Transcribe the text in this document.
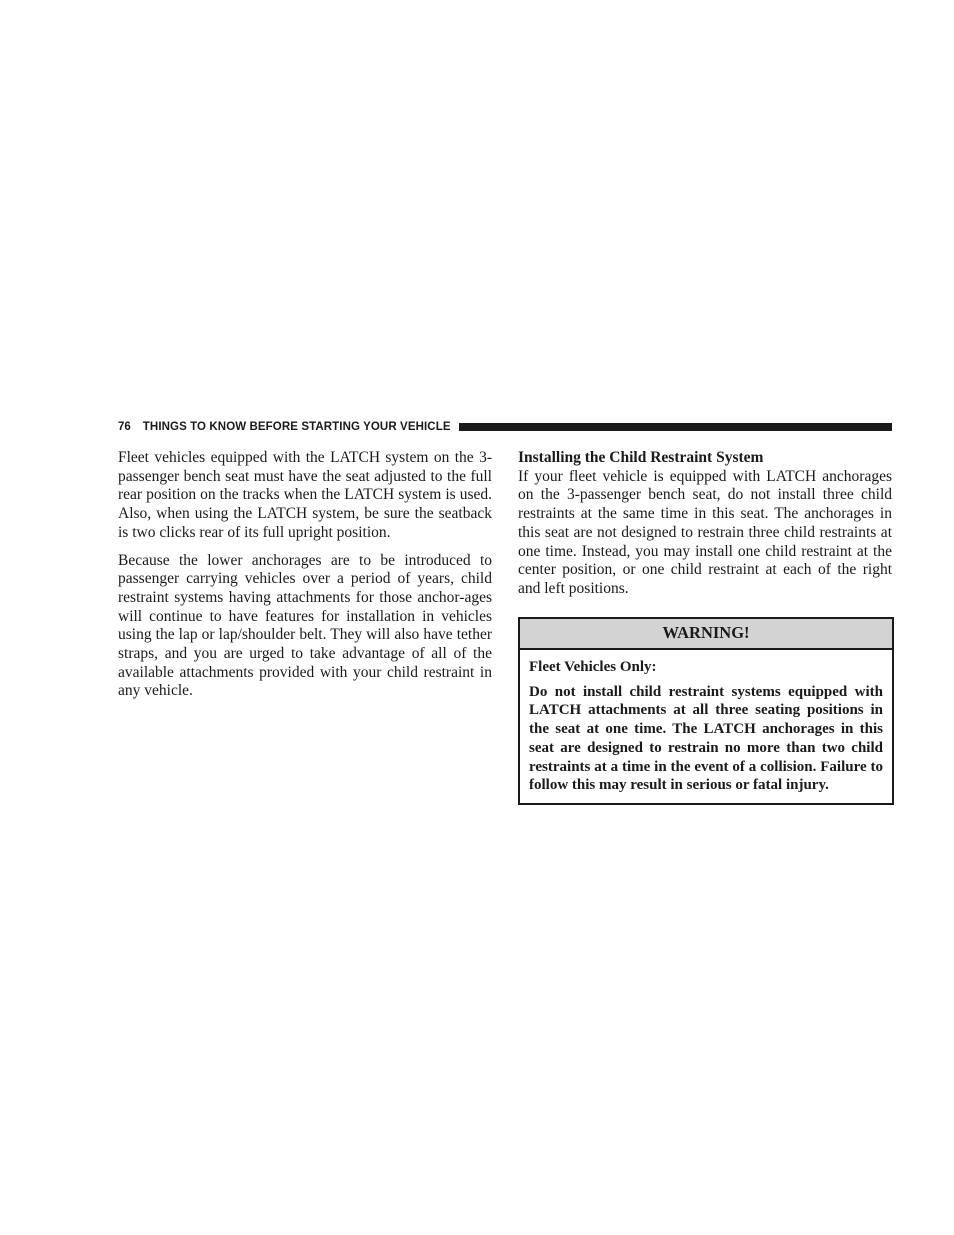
76 THINGS TO KNOW BEFORE STARTING YOUR VEHICLE

Fleet vehicles equipped with the LATCH system on the 3-passenger bench seat must have the seat adjusted to the full rear position on the tracks when the LATCH system is used. Also, when using the LATCH system, be sure the seatback is two clicks rear of its full upright position.

Because the lower anchorages are to be introduced to passenger carrying vehicles over a period of years, child restraint systems having attachments for those anchor-ages will continue to have features for installation in vehicles using the lap or lap/shoulder belt. They will also have tether straps, and you are urged to take advantage of all of the available attachments provided with your child restraint in any vehicle.

Installing the Child Restraint System

If your fleet vehicle is equipped with LATCH anchorages on the 3-passenger bench seat, do not install three child restraints at the same time in this seat. The anchorages in this seat are not designed to restrain three child restraints at one time. Instead, you may install one child restraint at the center position, or one child restraint at each of the right and left positions.

WARNING!

Fleet Vehicles Only:

Do not install child restraint systems equipped with LATCH attachments at all three seating positions in the seat at one time. The LATCH anchorages in this seat are designed to restrain no more than two child restraints at a time in the event of a collision. Failure to follow this may result in serious or fatal injury.
